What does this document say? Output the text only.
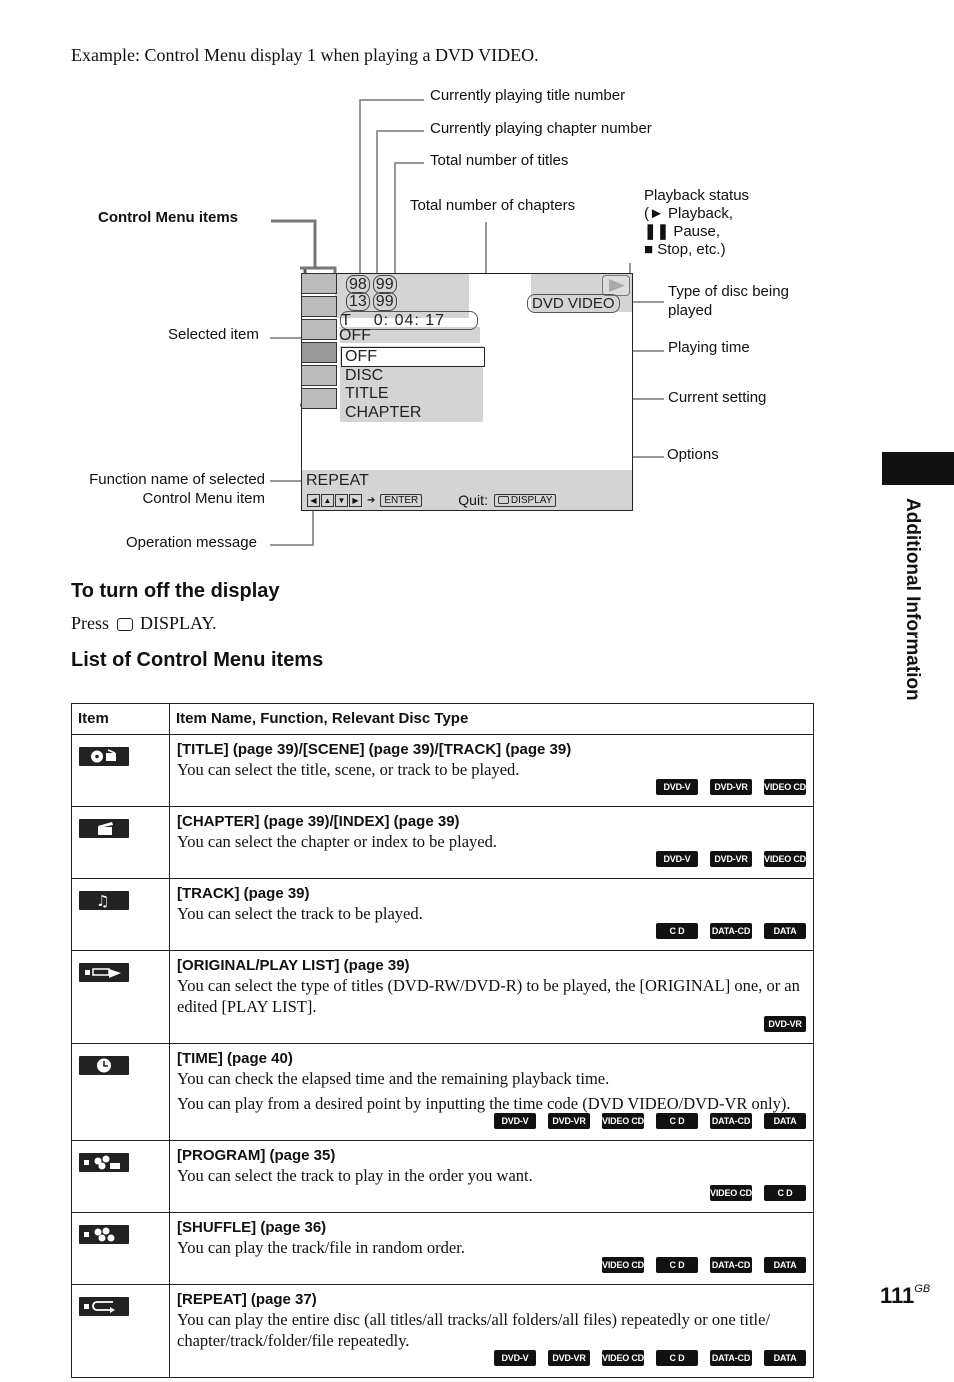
Example: Control Menu display 1 when playing a DVD VIDEO.
Currently playing title number
Currently playing chapter number
Total number of titles
Total number of chapters
Playback status
(► Playback,
❚❚ Pause,
■ Stop, etc.)
Control Menu items
Selected item
Type of disc being
played
Playing time
Current setting
Options
Function name of selected
Control Menu item
Operation message
98 99
13 99	DVD VIDEO
T 0: 04: 17
OFF
OFF
DISC
TITLE
CHAPTER
REPEAT
◀ ▲ ▼ ▶ ➔ ENTER	Quit:	DISPLAY	Additional Information
To turn off the display
Press DISPLAY.
List of Control Menu items
Item	Item Name, Function, Relevant Disc Type

[TITLE] (page 39)/[SCENE] (page 39)/[TRACK] (page 39)
You can select the title, scene, or track to be played.
DVD-V DVD-VR VIDEO CD

[CHAPTER] (page 39)/[INDEX] (page 39)
You can select the chapter or index to be played.
DVD-V DVD-VR VIDEO CD

♫	[TRACK] (page 39)
You can select the track to be played.
C D DATA-CD DATA DVD

[ORIGINAL/PLAY LIST] (page 39)
You can select the type of titles (DVD-RW/DVD-R) to be played, the [ORIGINAL] one, or an edited [PLAY LIST].
DVD-VR

[TIME] (page 40)
You can check the elapsed time and the remaining playback time.
You can play from a desired point by inputting the time code (DVD VIDEO/DVD-VR only).
DVD-V DVD-VR VIDEO CD C D DATA-CD DATA DVD

[PROGRAM] (page 35)
You can select the track to play in the order you want.
VIDEO CD C D

[SHUFFLE] (page 36)
You can play the track/file in random order.
VIDEO CD C D DATA-CD DATA DVD

[REPEAT] (page 37)
You can play the entire disc (all titles/all tracks/all folders/all files) repeatedly or one title/ chapter/track/folder/file repeatedly.
DVD-V DVD-VR VIDEO CD C D DATA-CD DATA DVD
$111^{GB}$
